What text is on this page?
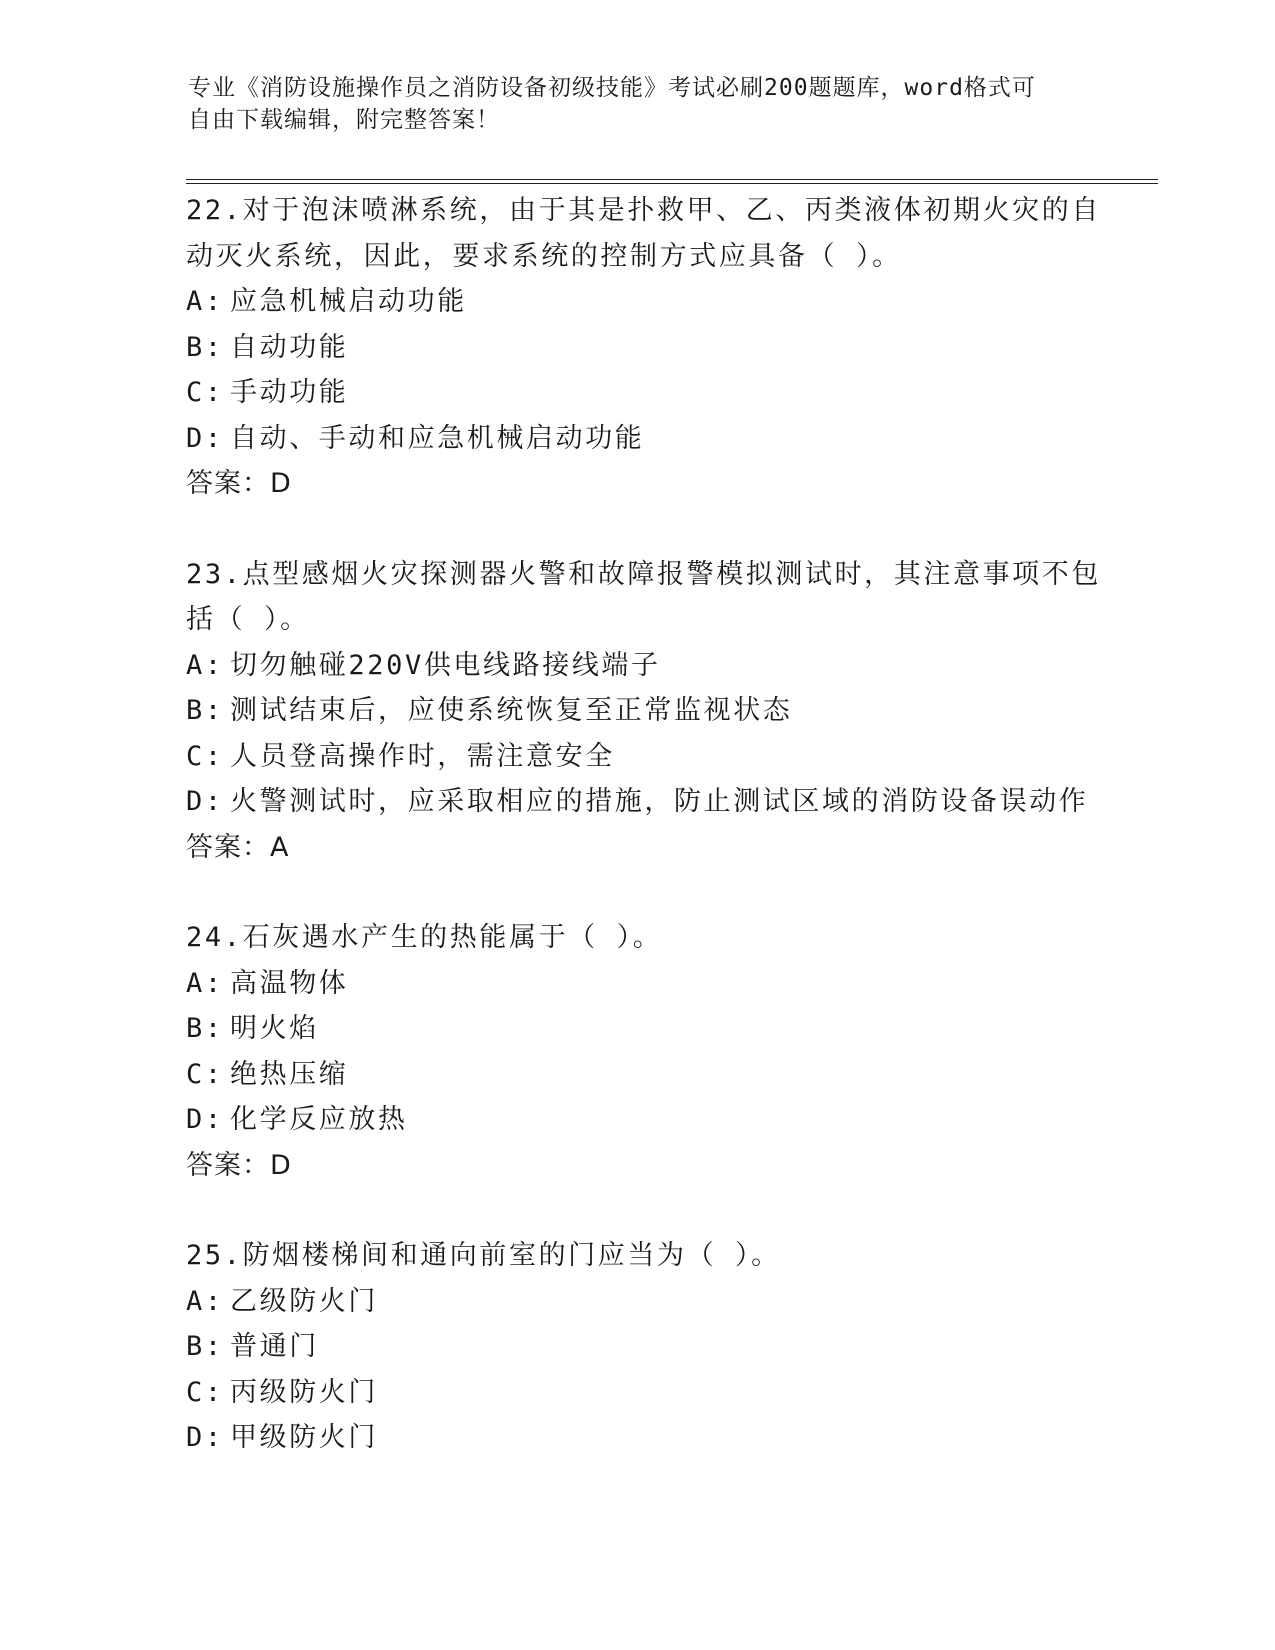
专业《消防设施操作员之消防设备初级技能》考试必刷200题题库，word格式可
自由下载编辑，附完整答案！
22.对于泡沫喷淋系统，由于其是扑救甲、乙、丙类液体初期火灾的自
动灭火系统，因此，要求系统的控制方式应具备（ ）。
A: 应急机械启动功能
B: 自动功能
C: 手动功能
D: 自动、手动和应急机械启动功能
答案：D
23.点型感烟火灾探测器火警和故障报警模拟测试时，其注意事项不包
括（ ）。
A: 切勿触碰220V供电线路接线端子
B: 测试结束后，应使系统恢复至正常监视状态
C: 人员登高操作时，需注意安全
D: 火警测试时，应采取相应的措施，防止测试区域的消防设备误动作
答案：A
24.石灰遇水产生的热能属于（ ）。
A: 高温物体
B: 明火焰
C: 绝热压缩
D: 化学反应放热
答案：D
25.防烟楼梯间和通向前室的门应当为（ ）。
A: 乙级防火门
B: 普通门
C: 丙级防火门
D: 甲级防火门
